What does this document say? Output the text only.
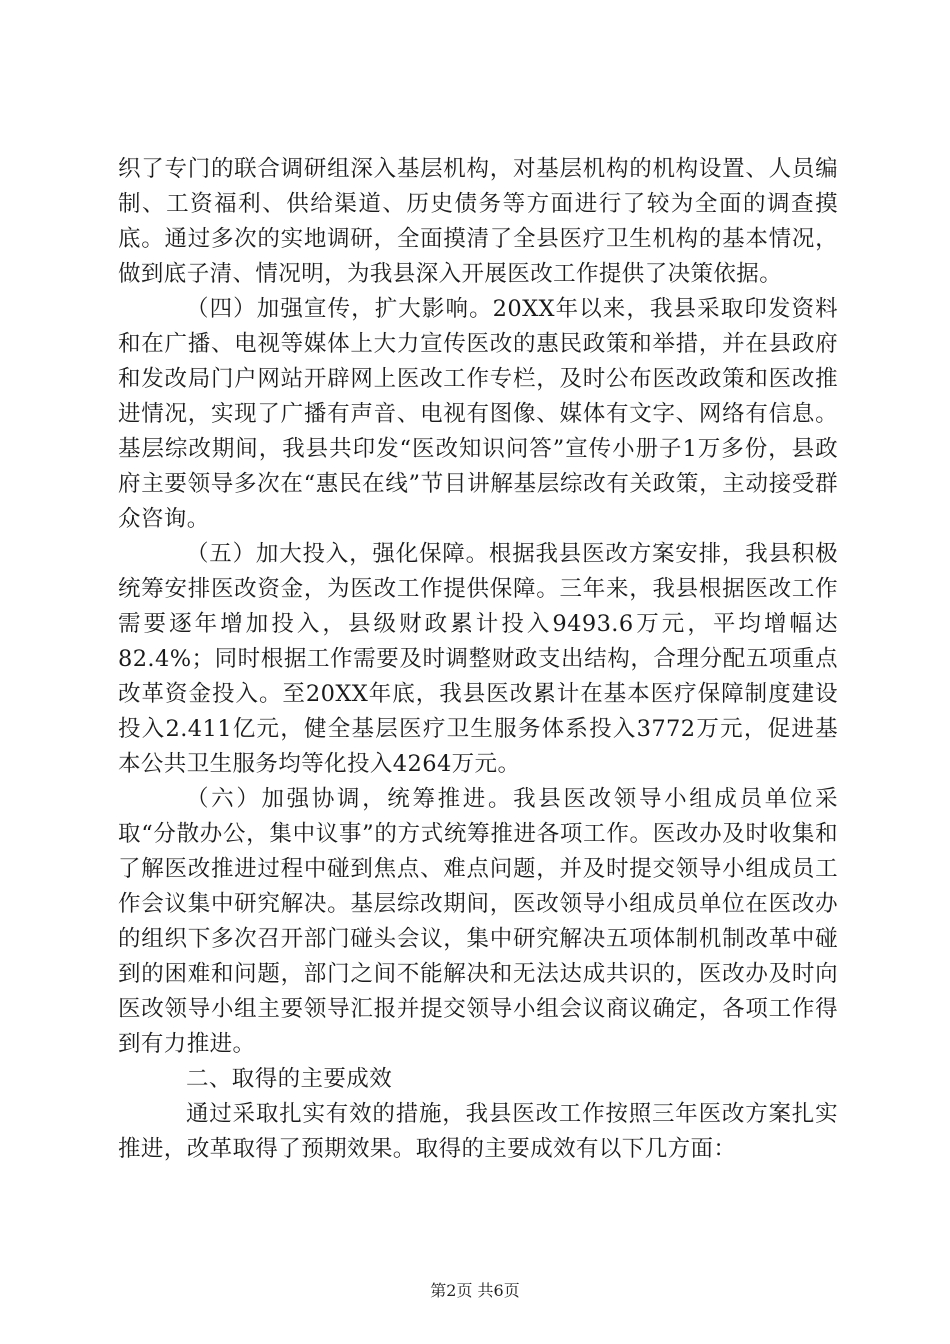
织了专门的联合调研组深入基层机构，对基层机构的机构设置、人员编制、工资福利、供给渠道、历史债务等方面进行了较为全面的调查摸底。通过多次的实地调研，全面摸清了全县医疗卫生机构的基本情况，做到底子清、情况明，为我县深入开展医改工作提供了决策依据。

（四）加强宣传，扩大影响。20XX年以来，我县采取印发资料和在广播、电视等媒体上大力宣传医改的惠民政策和举措，并在县政府和发改局门户网站开辟网上医改工作专栏，及时公布医改政策和医改推进情况，实现了广播有声音、电视有图像、媒体有文字、网络有信息。基层综改期间，我县共印发“医改知识问答”宣传小册子1万多份，县政府主要领导多次在“惠民在线”节目讲解基层综改有关政策，主动接受群众咨询。

（五）加大投入，强化保障。根据我县医改方案安排，我县积极统筹安排医改资金，为医改工作提供保障。三年来，我县根据医改工作需要逐年增加投入，县级财政累计投入9493.6万元，平均增幅达82.4%；同时根据工作需要及时调整财政支出结构，合理分配五项重点改革资金投入。至20XX年底，我县医改累计在基本医疗保障制度建设投入2.411亿元，健全基层医疗卫生服务体系投入3772万元，促进基本公共卫生服务均等化投入4264万元。

（六）加强协调，统筹推进。我县医改领导小组成员单位采取“分散办公，集中议事”的方式统筹推进各项工作。医改办及时收集和了解医改推进过程中碰到焦点、难点问题，并及时提交领导小组成员工作会议集中研究解决。基层综改期间，医改领导小组成员单位在医改办的组织下多次召开部门碰头会议，集中研究解决五项体制机制改革中碰到的困难和问题，部门之间不能解决和无法达成共识的，医改办及时向医改领导小组主要领导汇报并提交领导小组会议商议确定，各项工作得到有力推进。

二、取得的主要成效

通过采取扎实有效的措施，我县医改工作按照三年医改方案扎实推进，改革取得了预期效果。取得的主要成效有以下几方面：

第2页 共6页
